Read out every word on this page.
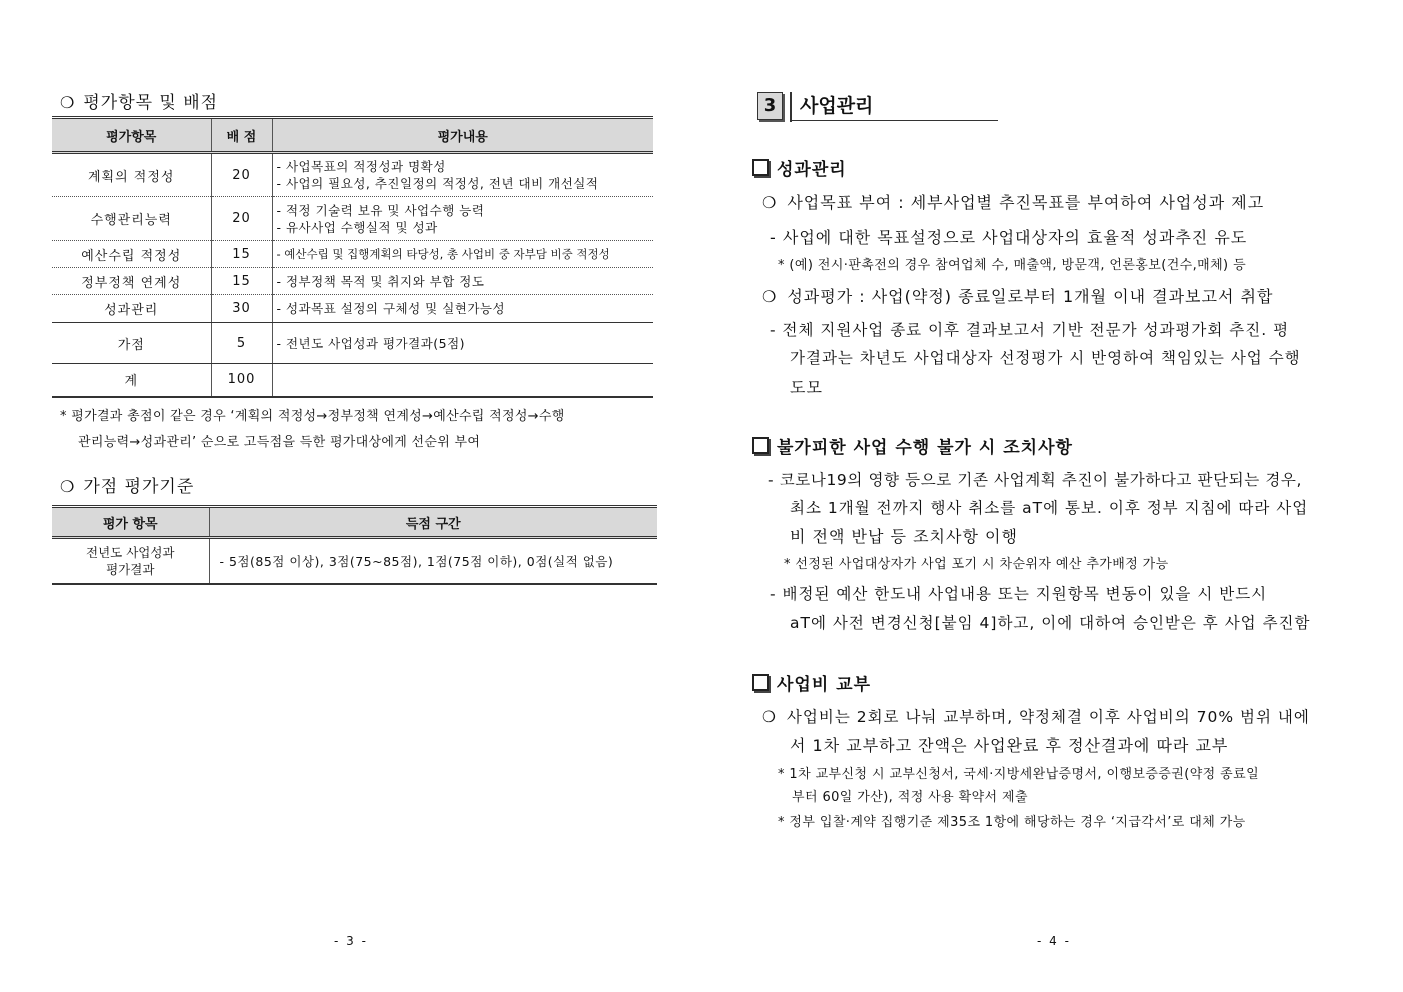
❍ 평가항목 및 배점
평가항목	배 점	평가내용
계획의 적정성	20	- 사업목표의 적정성과 명확성
- 사업의 필요성, 추진일정의 적정성, 전년 대비 개선실적

수행관리능력	20	- 적정 기술력 보유 및 사업수행 능력
- 유사사업 수행실적 및 성과

예산수립 적정성	15	- 예산수립 및 집행계획의 타당성, 총 사업비 중 자부담 비중 적정성
정부정책 연계성	15	- 정부정책 목적 및 취지와 부합 정도
성과관리	30	- 성과목표 설정의 구체성 및 실현가능성
가점	5	- 전년도 사업성과 평가결과(5점)
계	100	
* 평가결과 총점이 같은 경우 ‘계획의 적정성→정부정책 연계성→예산수립 적정성→수행
관리능력→성과관리’ 순으로 고득점을 득한 평가대상에게 선순위 부여
❍ 가점 평가기준
평가 항목	득점 구간

전년도 사업성과
평가결과	- 5점(85점 이상), 3점(75~85점), 1점(75점 이하), 0점(실적 없음)
- 3 -
3	사업관리
성과관리
❍ 사업목표 부여 : 세부사업별 추진목표를 부여하여 사업성과 제고
- 사업에 대한 목표설정으로 사업대상자의 효율적 성과추진 유도
* (예) 전시·판촉전의 경우 참여업체 수, 매출액, 방문객, 언론홍보(건수,매체) 등
❍ 성과평가 : 사업(약정) 종료일로부터 1개월 이내 결과보고서 취합
- 전체 지원사업 종료 이후 결과보고서 기반 전문가 성과평가회 추진. 평
가결과는 차년도 사업대상자 선정평가 시 반영하여 책임있는 사업 수행
도모
불가피한 사업 수행 불가 시 조치사항
- 코로나19의 영향 등으로 기존 사업계획 추진이 불가하다고 판단되는 경우,
최소 1개월 전까지 행사 취소를 aT에 통보. 이후 정부 지침에 따라 사업
비 전액 반납 등 조치사항 이행
* 선정된 사업대상자가 사업 포기 시 차순위자 예산 추가배정 가능
- 배정된 예산 한도내 사업내용 또는 지원항목 변동이 있을 시 반드시
aT에 사전 변경신청[붙임 4]하고, 이에 대하여 승인받은 후 사업 추진함
사업비 교부
❍ 사업비는 2회로 나눠 교부하며, 약정체결 이후 사업비의 70% 범위 내에
서 1차 교부하고 잔액은 사업완료 후 정산결과에 따라 교부
* 1차 교부신청 시 교부신청서, 국세·지방세완납증명서, 이행보증증권(약정 종료일
부터 60일 가산), 적정 사용 확약서 제출
* 정부 입찰·계약 집행기준 제35조 1항에 해당하는 경우 ‘지급각서’로 대체 가능
- 4 -
